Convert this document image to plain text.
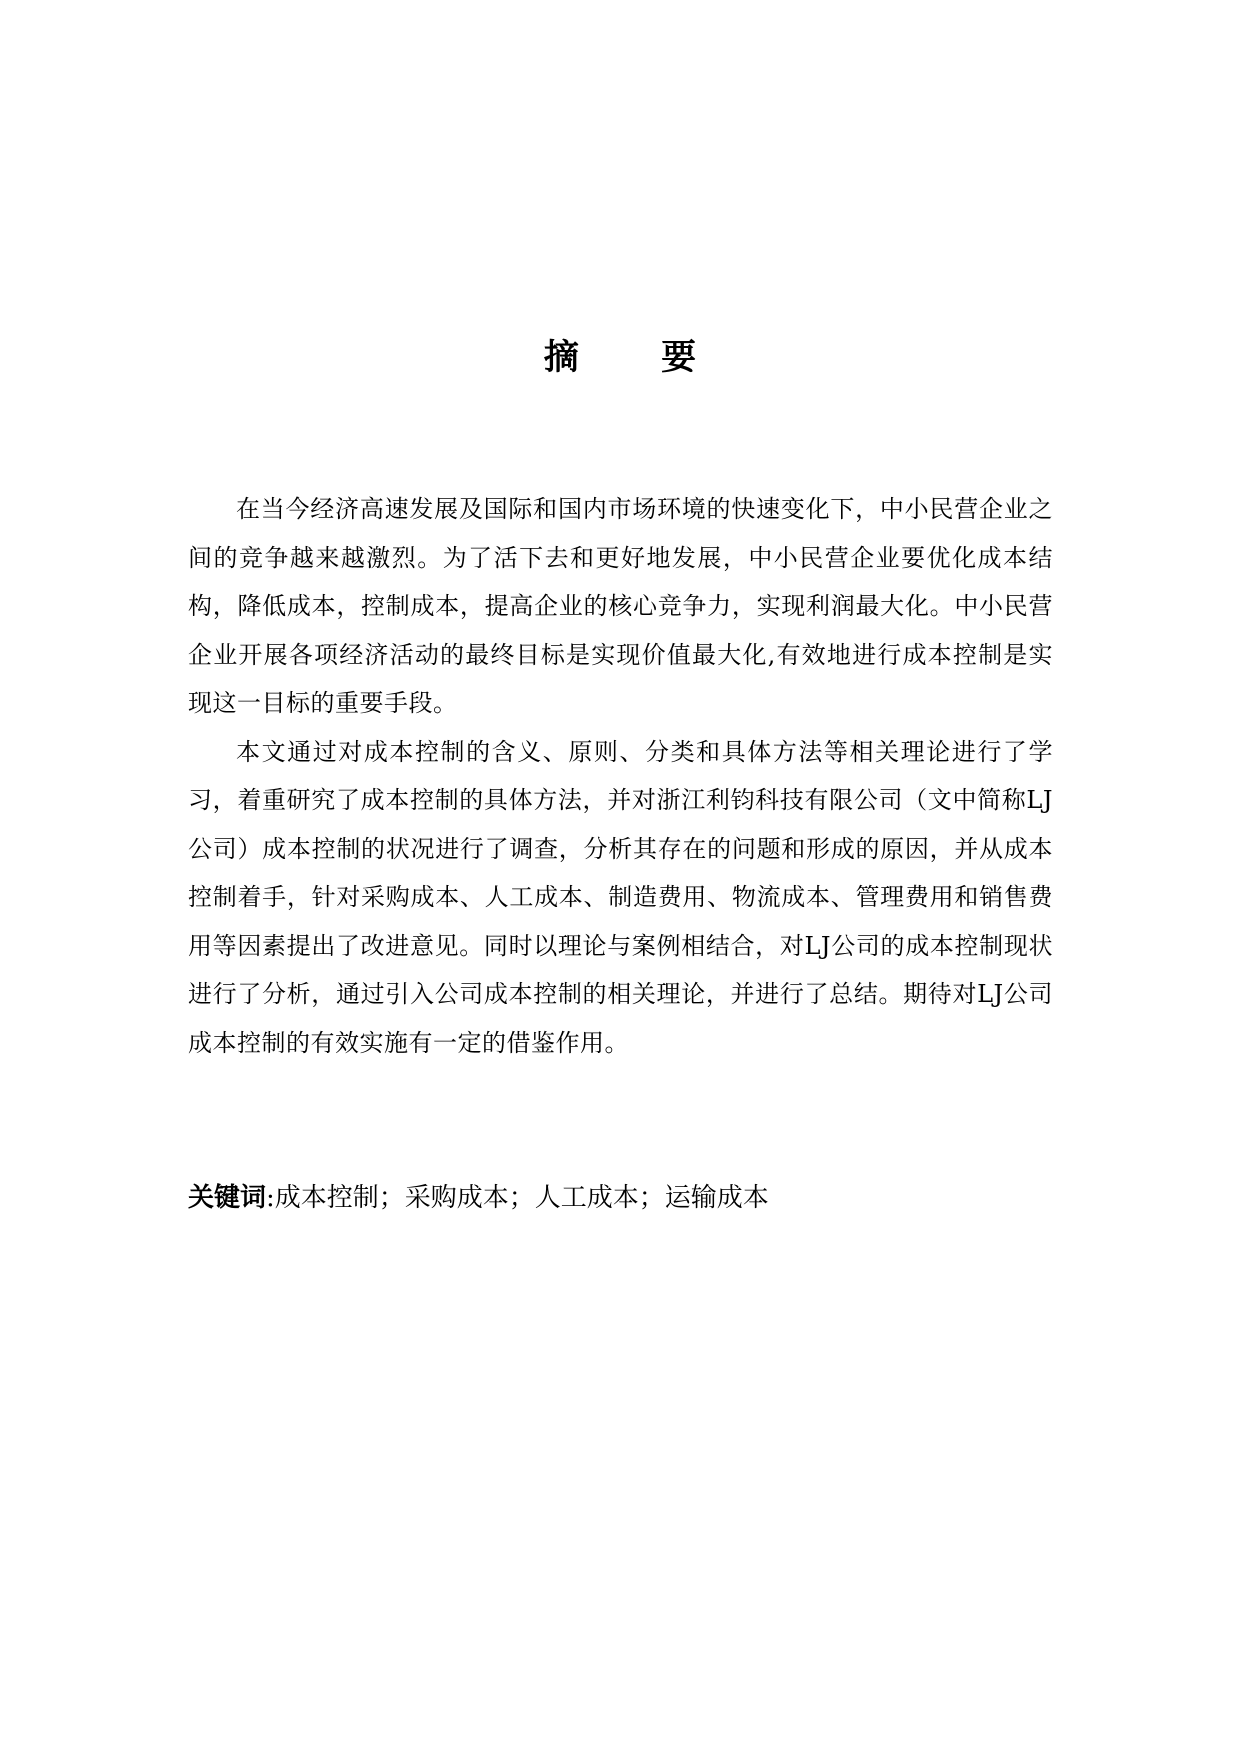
摘 要

在当今经济高速发展及国际和国内市场环境的快速变化下，中小民营企业之间的竞争越来越激烈。为了活下去和更好地发展，中小民营企业要优化成本结构，降低成本，控制成本，提高企业的核心竞争力，实现利润最大化。中小民营企业开展各项经济活动的最终目标是实现价值最大化,有效地进行成本控制是实现这一目标的重要手段。

本文通过对成本控制的含义、原则、分类和具体方法等相关理论进行了学习，着重研究了成本控制的具体方法，并对浙江利钧科技有限公司（文中简称LJ公司）成本控制的状况进行了调查，分析其存在的问题和形成的原因，并从成本控制着手，针对采购成本、人工成本、制造费用、物流成本、管理费用和销售费用等因素提出了改进意见。同时以理论与案例相结合，对LJ公司的成本控制现状进行了分析，通过引入公司成本控制的相关理论，并进行了总结。期待对LJ公司成本控制的有效实施有一定的借鉴作用。

关键词:成本控制；采购成本；人工成本；运输成本
